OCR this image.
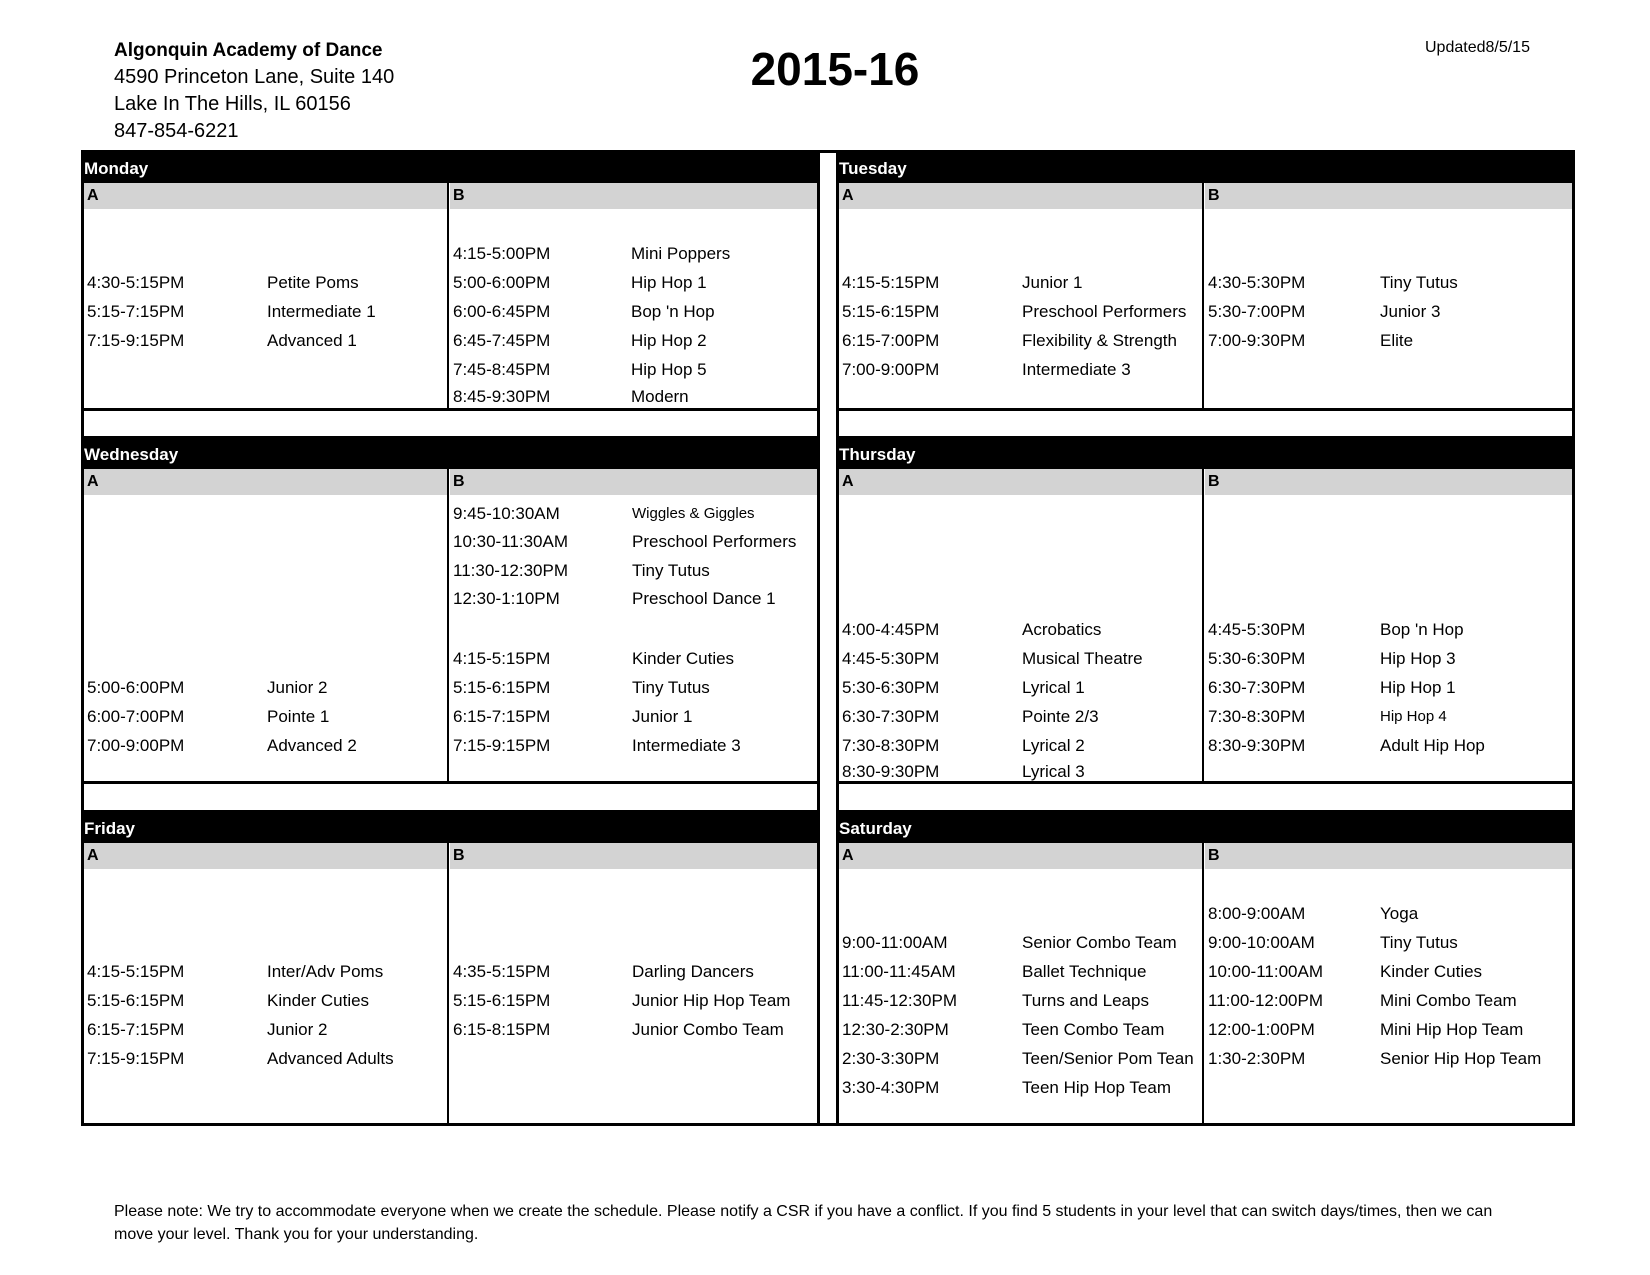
Algonquin Academy of Dance
4590 Princeton Lane, Suite 140
Lake In The Hills, IL 60156
847-854-6221
2015-16	Updated8/5/15
Monday
A	B
4:30-5:15PM	Petite Poms
5:15-7:15PM	Intermediate 1
7:15-9:15PM	Advanced 1
4:15-5:00PM	Mini Poppers
5:00-6:00PM	Hip Hop 1
6:00-6:45PM	Bop 'n Hop
6:45-7:45PM	Hip Hop 2
7:45-8:45PM	Hip Hop 5
8:45-9:30PM	Modern
Tuesday
A	B
4:15-5:15PM	Junior 1
5:15-6:15PM	Preschool Performers
6:15-7:00PM	Flexibility & Strength
7:00-9:00PM	Intermediate 3
4:30-5:30PM	Tiny Tutus
5:30-7:00PM	Junior 3
7:00-9:30PM	Elite
Wednesday
A	B
5:00-6:00PM	Junior 2
6:00-7:00PM	Pointe 1
7:00-9:00PM	Advanced 2
9:45-10:30AM	Wiggles & Giggles
10:30-11:30AM	Preschool Performers
11:30-12:30PM	Tiny Tutus
12:30-1:10PM	Preschool Dance 1
4:15-5:15PM	Kinder Cuties
5:15-6:15PM	Tiny Tutus
6:15-7:15PM	Junior 1
7:15-9:15PM	Intermediate 3
Thursday
A	B
4:00-4:45PM	Acrobatics
4:45-5:30PM	Musical Theatre
5:30-6:30PM	Lyrical 1
6:30-7:30PM	Pointe 2/3
7:30-8:30PM	Lyrical 2
8:30-9:30PM	Lyrical 3
4:45-5:30PM	Bop 'n Hop
5:30-6:30PM	Hip Hop 3
6:30-7:30PM	Hip Hop 1
7:30-8:30PM	Hip Hop 4
8:30-9:30PM	Adult Hip Hop
Friday
A	B
4:15-5:15PM	Inter/Adv Poms
5:15-6:15PM	Kinder Cuties
6:15-7:15PM	Junior 2
7:15-9:15PM	Advanced Adults
4:35-5:15PM	Darling Dancers
5:15-6:15PM	Junior Hip Hop Team
6:15-8:15PM	Junior Combo Team
Saturday
A	B
9:00-11:00AM	Senior Combo Team
11:00-11:45AM	Ballet Technique
11:45-12:30PM	Turns and Leaps
12:30-2:30PM	Teen Combo Team
2:30-3:30PM	Teen/Senior Pom Tean
3:30-4:30PM	Teen Hip Hop Team
8:00-9:00AM	Yoga
9:00-10:00AM	Tiny Tutus
10:00-11:00AM	Kinder Cuties
11:00-12:00PM	Mini Combo Team
12:00-1:00PM	Mini Hip Hop Team
1:30-2:30PM	Senior Hip Hop Team
Please note: We try to accommodate everyone when we create the schedule. Please notify a CSR if you have a conflict. If you find 5 students in your level that can switch days/times, then we can move your level. Thank you for your understanding.
